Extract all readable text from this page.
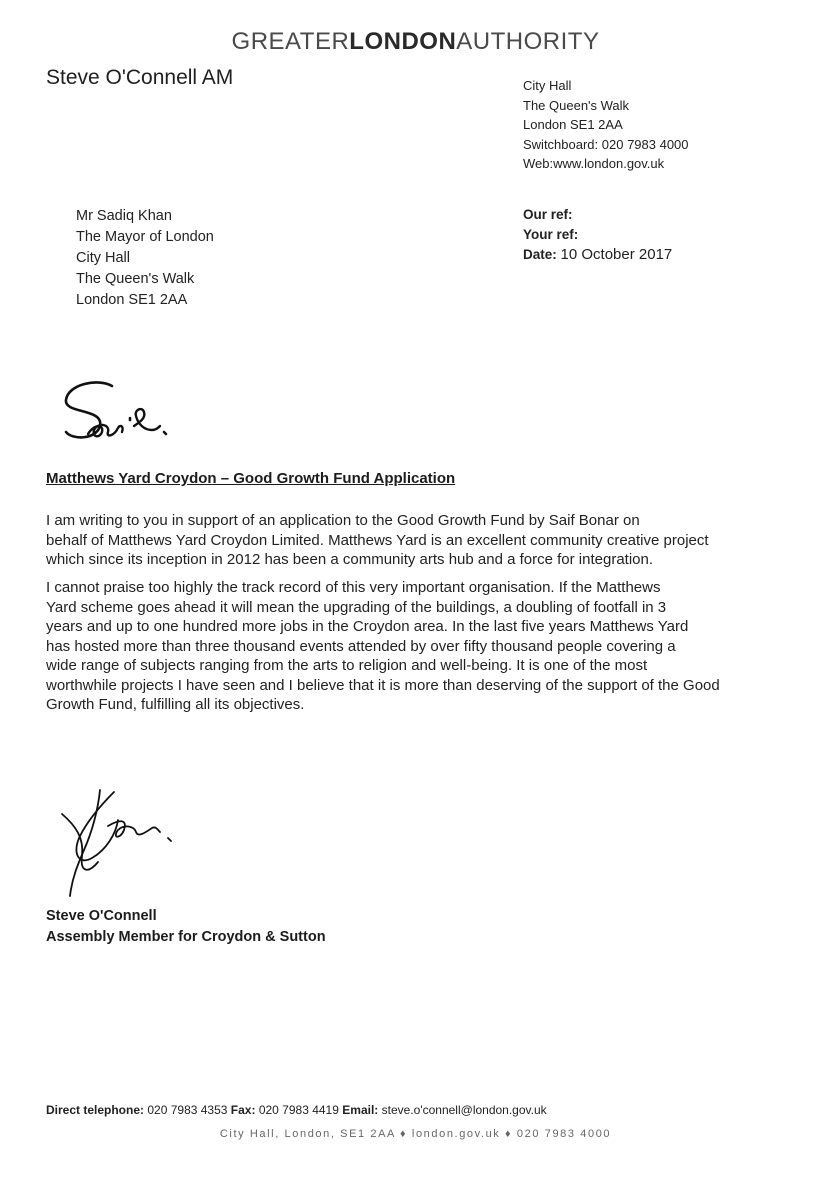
GREATERLONDONAUTHORITY
Steve O'Connell AM	City Hall
The Queen's Walk
London SE1 2AA
Switchboard: 020 7983 4000
Web:www.london.gov.uk
Mr Sadiq Khan
The Mayor of London
City Hall
The Queen's Walk
London SE1 2AA
Our ref:
Your ref:
Date: 10 October 2017
Matthews Yard Croydon – Good Growth Fund Application
I am writing to you in support of an application to the Good Growth Fund by Saif Bonar on
behalf of Matthews Yard Croydon Limited. Matthews Yard is an excellent community creative project
which since its inception in 2012 has been a community arts hub and a force for integration.
I cannot praise too highly the track record of this very important organisation. If the Matthews
Yard scheme goes ahead it will mean the upgrading of the buildings, a doubling of footfall in 3
years and up to one hundred more jobs in the Croydon area. In the last five years Matthews Yard
has hosted more than three thousand events attended by over fifty thousand people covering a
wide range of subjects ranging from the arts to religion and well-being. It is one of the most
worthwhile projects I have seen and I believe that it is more than deserving of the support of the Good
Growth Fund, fulfilling all its objectives.
Steve O'Connell
Assembly Member for Croydon & Sutton
Direct telephone: 020 7983 4353 Fax: 020 7983 4419 Email: steve.o'connell@london.gov.uk
City Hall, London, SE1 2AA ♦ london.gov.uk ♦ 020 7983 4000
